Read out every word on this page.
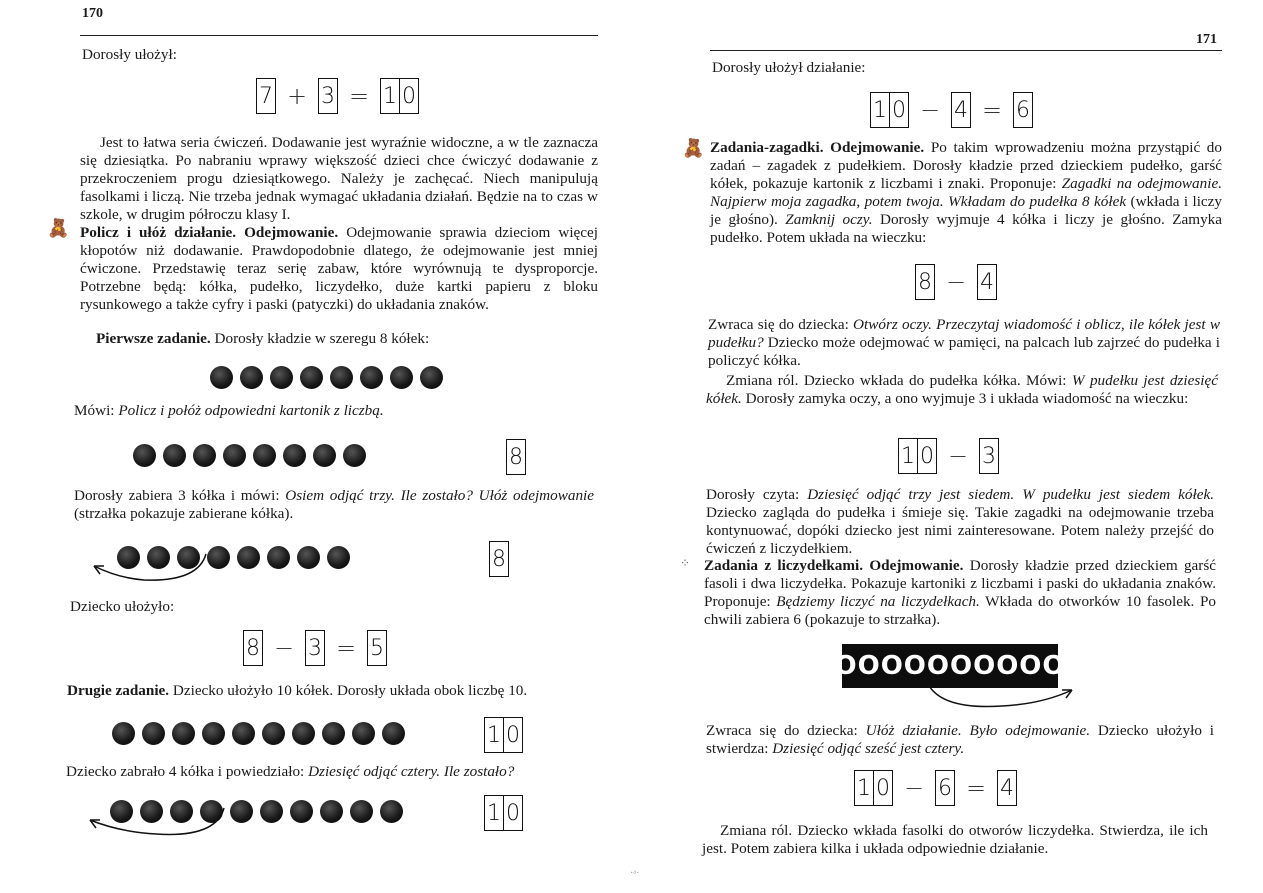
170
Dorosły ułożył:
7 + 3 = 1 0

Jest to łatwa seria ćwiczeń. Dodawanie jest wyraźnie widoczne, a w tle zaznacza się dziesiątka. Po nabraniu wprawy większość dzieci chce ćwiczyć dodawanie z przekroczeniem progu dziesiątkowego. Należy je zachęcać. Niech manipulują fasolkami i liczą. Nie trzeba jednak wymagać układania działań. Będzie na to czas w szkole, w drugim półroczu klasy I.

🧸 Policz i ułóż działanie. Odejmowanie. Odejmowanie sprawia dzieciom więcej kłopotów niż dodawanie. Prawdopodobnie dlatego, że odejmowanie jest mniej ćwiczone. Przedstawię teraz serię zabaw, które wyrównują te dysproporcje. Potrzebne będą: kółka, pudełko, liczydełko, duże kartki papieru z bloku rysunkowego a także cyfry i paski (patyczki) do układania znaków.

Pierwsze zadanie. Dorosły kładzie w szeregu 8 kółek:

Mówi: Policz i połóż odpowiedni kartonik z liczbą.

8

Dorosły zabiera 3 kółka i mówi: Osiem odjąć trzy. Ile zostało? Ułóż odejmowanie (strzałka pokazuje zabierane kółka).

8
Dziecko ułożyło:
8 − 3 = 5

Drugie zadanie. Dziecko ułożyło 10 kółek. Dorosły układa obok liczbę 10.

1 0

Dziecko zabrało 4 kółka i powiedziało: Dziesięć odjąć cztery. Ile zostało?

1 0
171
Dorosły ułożył działanie:
1 0 − 4 = 6
🧸 Zadania-zagadki. Odejmowanie. Po takim wprowadzeniu można przystąpić do zadań – zagadek z pudełkiem. Dorosły kładzie przed dzieckiem pudełko, garść kółek, pokazuje kartonik z liczbami i znaki. Proponuje: Zagadki na odejmowanie. Najpierw moja zagadka, potem twoja. Wkładam do pudełka 8 kółek (wkłada i liczy je głośno). Zamknij oczy. Dorosły wyjmuje 4 kółka i liczy je głośno. Zamyka pudełko. Potem układa na wieczku:

8 − 4

Zwraca się do dziecka: Otwórz oczy. Przeczytaj wiadomość i oblicz, ile kółek jest w pudełku? Dziecko może odejmować w pamięci, na palcach lub zajrzeć do pudełka i policzyć kółka.

Zmiana ról. Dziecko wkłada do pudełka kółka. Mówi: W pudełku jest dziesięć kółek. Dorosły zamyka oczy, a ono wyjmuje 3 i układa wiadomość na wieczku:

1 0 − 3

Dorosły czyta: Dziesięć odjąć trzy jest siedem. W pudełku jest siedem kółek. Dziecko zagląda do pudełka i śmieje się. Takie zagadki na odejmowanie trzeba kontynuować, dopóki dziecko jest nimi zainteresowane. Potem należy przejść do ćwiczeń z liczydełkiem.

⁘ Zadania z liczydełkami. Odejmowanie. Dorosły kładzie przed dzieckiem garść fasoli i dwa liczydełka. Pokazuje kartoniki z liczbami i paski do układania znaków. Proponuje: Będziemy liczyć na liczydełkach. Wkłada do otworków 10 fasolek. Po chwili zabiera 6 (pokazuje to strzałka).

OOOOOOOOOO

Zwraca się do dziecka: Ułóż działanie. Było odejmowanie. Dziecko ułożyło i stwierdza: Dziesięć odjąć sześć jest cztery.

1 0 − 6 = 4

Zmiana ról. Dziecko wkłada fasolki do otworów liczydełka. Stwierdza, ile ich jest. Potem zabiera kilka i układa odpowiednie działanie.

·ᵃ·
